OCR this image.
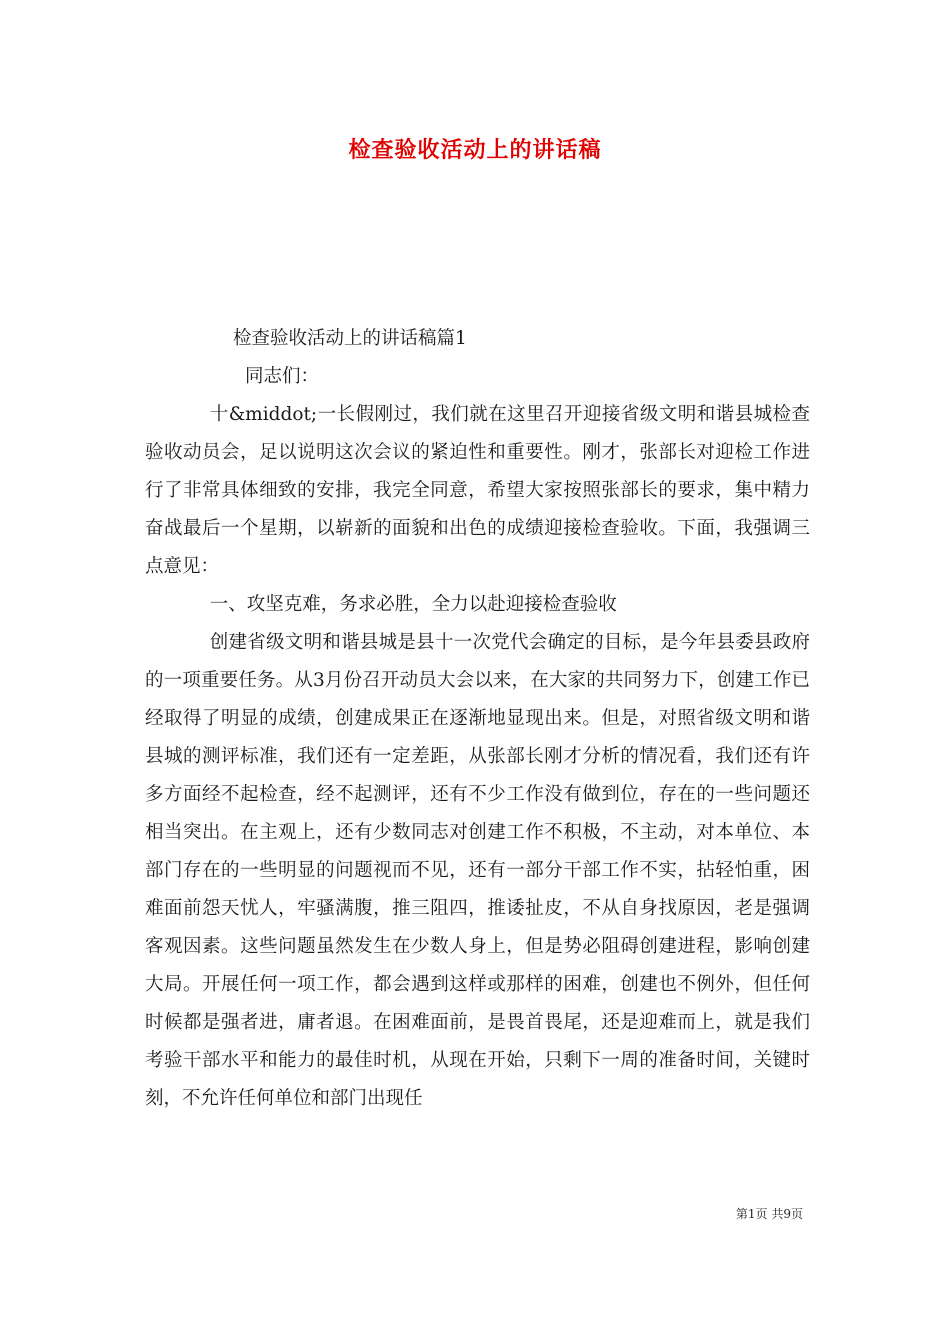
检查验收活动上的讲话稿

检查验收活动上的讲话稿篇1

同志们：

十&middot;一长假刚过，我们就在这里召开迎接省级文明和谐县城检查验收动员会，足以说明这次会议的紧迫性和重要性。刚才，张部长对迎检工作进行了非常具体细致的安排，我完全同意，希望大家按照张部长的要求，集中精力奋战最后一个星期，以崭新的面貌和出色的成绩迎接检查验收。下面，我强调三点意见：

一、攻坚克难，务求必胜，全力以赴迎接检查验收

创建省级文明和谐县城是县十一次党代会确定的目标，是今年县委县政府的一项重要任务。从3月份召开动员大会以来，在大家的共同努力下，创建工作已经取得了明显的成绩，创建成果正在逐渐地显现出来。但是，对照省级文明和谐县城的测评标准，我们还有一定差距，从张部长刚才分析的情况看，我们还有许多方面经不起检查，经不起测评，还有不少工作没有做到位，存在的一些问题还相当突出。在主观上，还有少数同志对创建工作不积极，不主动，对本单位、本部门存在的一些明显的问题视而不见，还有一部分干部工作不实，拈轻怕重，困难面前怨天忧人，牢骚满腹，推三阻四，推诿扯皮，不从自身找原因，老是强调客观因素。这些问题虽然发生在少数人身上，但是势必阻碍创建进程，影响创建大局。开展任何一项工作，都会遇到这样或那样的困难，创建也不例外，但任何时候都是强者进，庸者退。在困难面前，是畏首畏尾，还是迎难而上，就是我们考验干部水平和能力的最佳时机，从现在开始，只剩下一周的准备时间，关键时刻，不允许任何单位和部门出现任

第1页 共9页
